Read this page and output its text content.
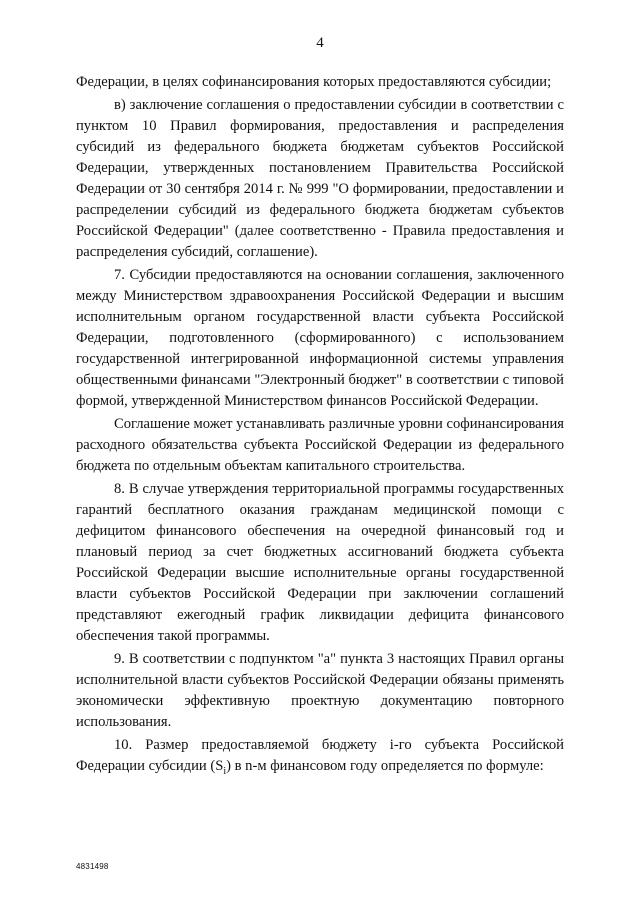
4

Федерации, в целях софинансирования которых предоставляются субсидии;

в) заключение соглашения о предоставлении субсидии в соответствии с пунктом 10 Правил формирования, предоставления и распределения субсидий из федерального бюджета бюджетам субъектов Российской Федерации, утвержденных постановлением Правительства Российской Федерации от 30 сентября 2014 г. № 999 "О формировании, предоставлении и распределении субсидий из федерального бюджета бюджетам субъектов Российской Федерации" (далее соответственно - Правила предоставления и распределения субсидий, соглашение).

7. Субсидии предоставляются на основании соглашения, заключенного между Министерством здравоохранения Российской Федерации и высшим исполнительным органом государственной власти субъекта Российской Федерации, подготовленного (сформированного) с использованием государственной интегрированной информационной системы управления общественными финансами "Электронный бюджет" в соответствии с типовой формой, утвержденной Министерством финансов Российской Федерации.

Соглашение может устанавливать различные уровни софинансирования расходного обязательства субъекта Российской Федерации из федерального бюджета по отдельным объектам капитального строительства.

8. В случае утверждения территориальной программы государственных гарантий бесплатного оказания гражданам медицинской помощи с дефицитом финансового обеспечения на очередной финансовый год и плановый период за счет бюджетных ассигнований бюджета субъекта Российской Федерации высшие исполнительные органы государственной власти субъектов Российской Федерации при заключении соглашений представляют ежегодный график ликвидации дефицита финансового обеспечения такой программы.

9. В соответствии с подпунктом "а" пункта 3 настоящих Правил органы исполнительной власти субъектов Российской Федерации обязаны применять экономически эффективную проектную документацию повторного использования.

10. Размер предоставляемой бюджету i-го субъекта Российской Федерации субсидии $(S_i)$ в n-м финансовом году определяется по формуле:

4831498
